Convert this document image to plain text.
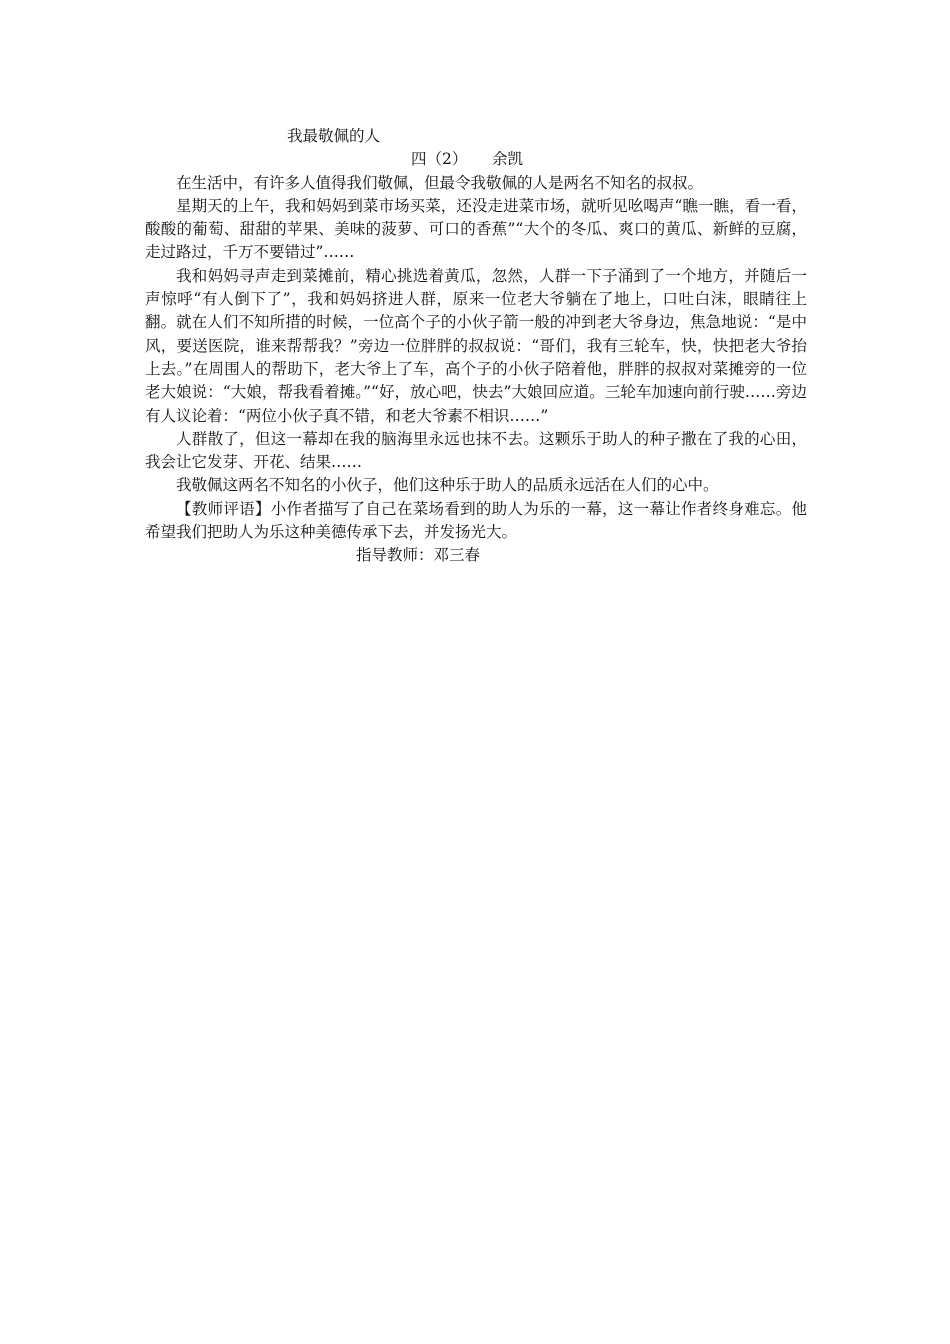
我最敬佩的人

四（2） 余凯

在生活中，有许多人值得我们敬佩，但最令我敬佩的人是两名不知名的叔叔。

星期天的上午，我和妈妈到菜市场买菜，还没走进菜市场，就听见吆喝声“瞧一瞧，看一看，酸酸的葡萄、甜甜的苹果、美味的菠萝、可口的香蕉”“大个的冬瓜、爽口的黄瓜、新鲜的豆腐，走过路过，千万不要错过”……

我和妈妈寻声走到菜摊前，精心挑选着黄瓜，忽然，人群一下子涌到了一个地方，并随后一声惊呼“有人倒下了”，我和妈妈挤进人群，原来一位老大爷躺在了地上，口吐白沫，眼睛往上翻。就在人们不知所措的时候，一位高个子的小伙子箭一般的冲到老大爷身边，焦急地说：“是中风，要送医院，谁来帮帮我？”旁边一位胖胖的叔叔说：“哥们，我有三轮车，快，快把老大爷抬上去。”在周围人的帮助下，老大爷上了车，高个子的小伙子陪着他，胖胖的叔叔对菜摊旁的一位老大娘说：“大娘，帮我看着摊。”“好，放心吧，快去”大娘回应道。三轮车加速向前行驶……旁边有人议论着：“两位小伙子真不错，和老大爷素不相识……”

人群散了，但这一幕却在我的脑海里永远也抹不去。这颗乐于助人的种子撒在了我的心田，我会让它发芽、开花、结果……

我敬佩这两名不知名的小伙子，他们这种乐于助人的品质永远活在人们的心中。

【教师评语】小作者描写了自己在菜场看到的助人为乐的一幕，这一幕让作者终身难忘。他希望我们把助人为乐这种美德传承下去，并发扬光大。

指导教师：邓三春
